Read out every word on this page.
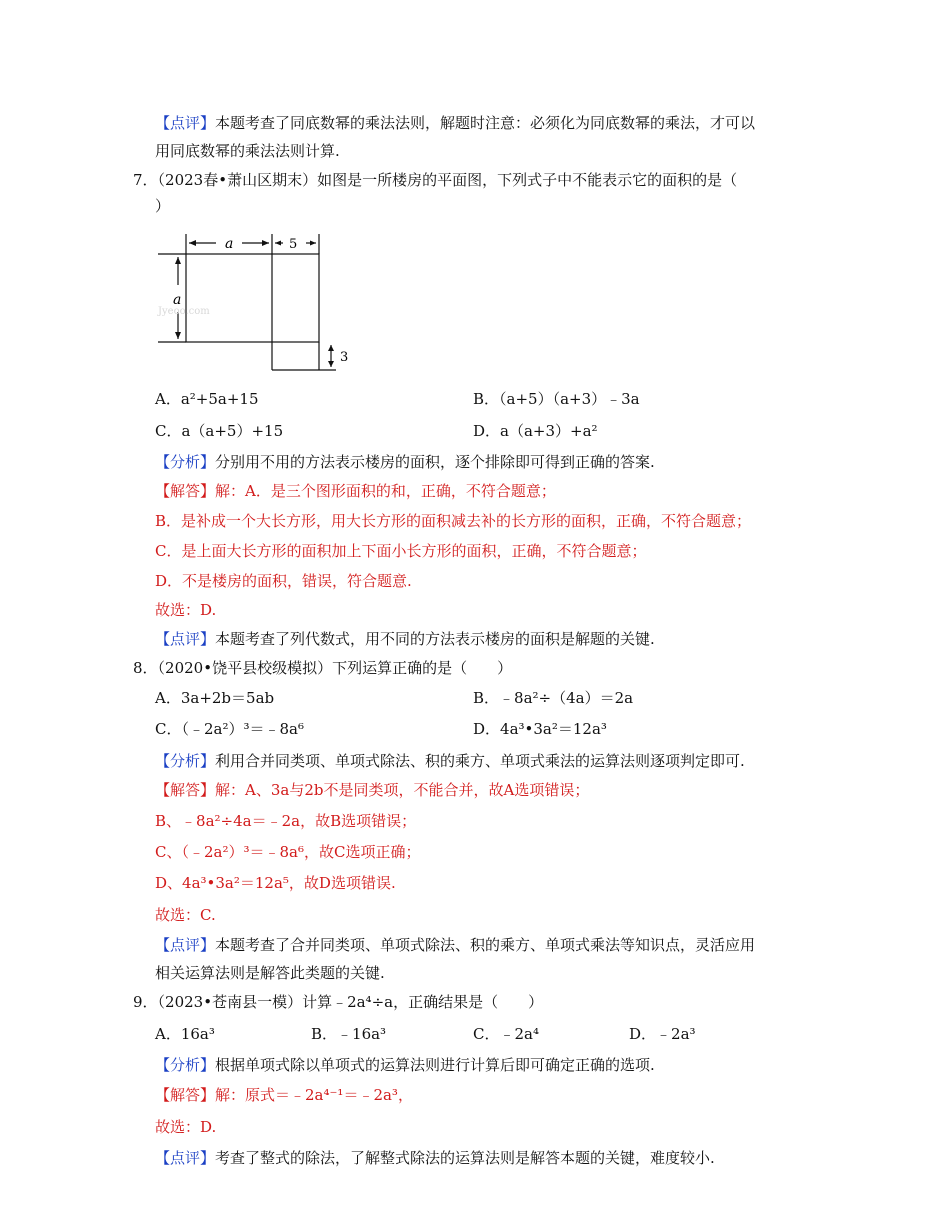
【点评】本题考查了同底数幂的乘法法则，解题时注意：必须化为同底数幂的乘法，才可以
用同底数幂的乘法法则计算.
7．（2023春•萧山区期末）如图是一所楼房的平面图，下列式子中不能表示它的面积的是（
）
a	5
a
3
Jyeoo.com
A．a²+5a+15	B．（a+5）（a+3）﹣3a
C．a（a+5）+15	D．a（a+3）+a²
【分析】分别用不用的方法表示楼房的面积，逐个排除即可得到正确的答案.
【解答】解：A．是三个图形面积的和，正确，不符合题意；
B．是补成一个大长方形，用大长方形的面积减去补的长方形的面积，正确，不符合题意；
C．是上面大长方形的面积加上下面小长方形的面积，正确，不符合题意；
D．不是楼房的面积，错误，符合题意.
故选：D.
【点评】本题考查了列代数式，用不同的方法表示楼房的面积是解题的关键.
8．（2020•饶平县校级模拟）下列运算正确的是（　　）
A．3a+2b＝5ab	B．﹣8a²÷（4a）＝2a
C．（﹣2a²）³＝﹣8a⁶	D．4a³•3a²＝12a³
【分析】利用合并同类项、单项式除法、积的乘方、单项式乘法的运算法则逐项判定即可.
【解答】解：A、3a与2b不是同类项，不能合并，故A选项错误；
B、﹣8a²÷4a＝﹣2a，故B选项错误；
C、（﹣2a²）³＝﹣8a⁶，故C选项正确；
D、4a³•3a²＝12a⁵，故D选项错误.
故选：C.
【点评】本题考查了合并同类项、单项式除法、积的乘方、单项式乘法等知识点，灵活应用
相关运算法则是解答此类题的关键.
9．（2023•苍南县一模）计算﹣2a⁴÷a，正确结果是（　　）
A．16a³	B．﹣16a³	C．﹣2a⁴	D．﹣2a³
【分析】根据单项式除以单项式的运算法则进行计算后即可确定正确的选项.
【解答】解：原式＝﹣2a⁴⁻¹＝﹣2a³，
故选：D.
【点评】考查了整式的除法，了解整式除法的运算法则是解答本题的关键，难度较小.
